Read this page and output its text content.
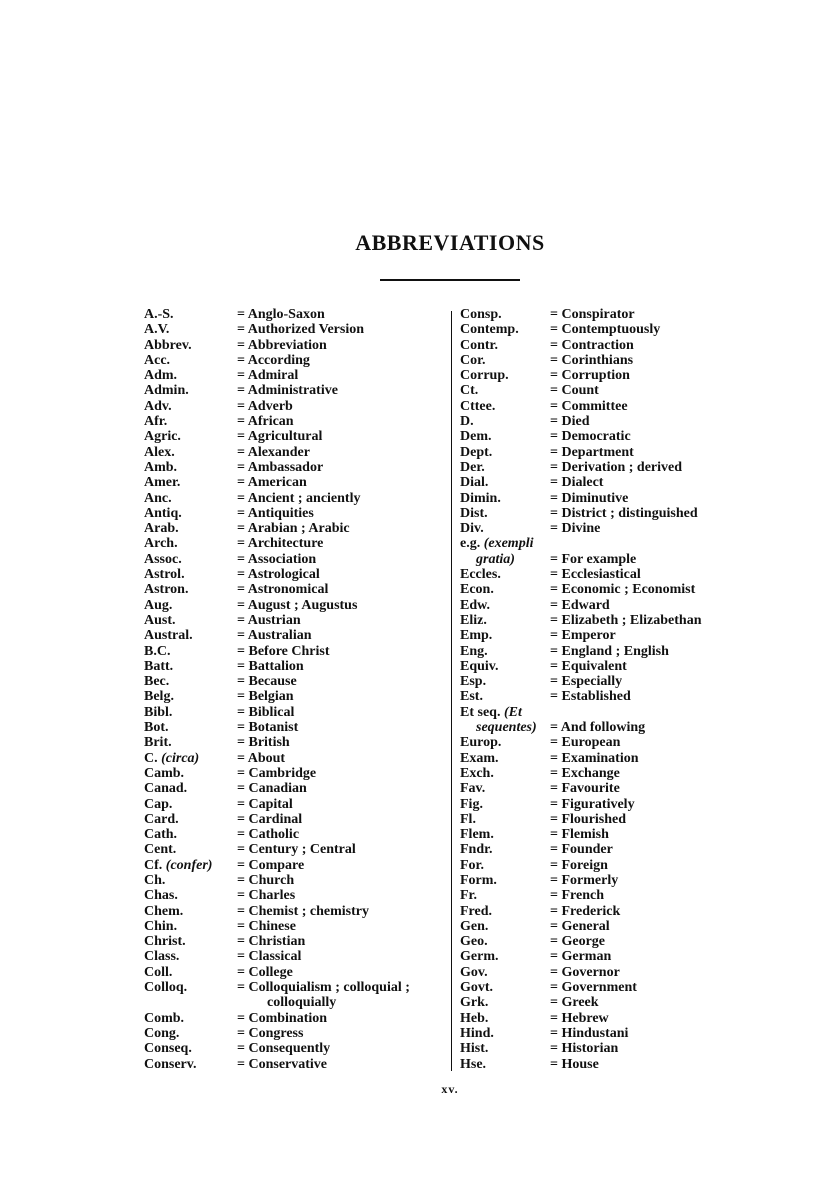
ABBREVIATIONS
A.-S.	= Anglo-Saxon
A.V.	= Authorized Version
Abbrev.	= Abbreviation
Acc.	= According
Adm.	= Admiral
Admin.	= Administrative
Adv.	= Adverb
Afr.	= African
Agric.	= Agricultural
Alex.	= Alexander
Amb.	= Ambassador
Amer.	= American
Anc.	= Ancient ; anciently
Antiq.	= Antiquities
Arab.	= Arabian ; Arabic
Arch.	= Architecture
Assoc.	= Association
Astrol.	= Astrological
Astron.	= Astronomical
Aug.	= August ; Augustus
Aust.	= Austrian
Austral.	= Australian
B.C.	= Before Christ
Batt.	= Battalion
Bec.	= Because
Belg.	= Belgian
Bibl.	= Biblical
Bot.	= Botanist
Brit.	= British
C. (circa)	= About
Camb.	= Cambridge
Canad.	= Canadian
Cap.	= Capital
Card.	= Cardinal
Cath.	= Catholic
Cent.	= Century ; Central
Cf. (confer) = Compare
Ch.	= Church
Chas.	= Charles
Chem.	= Chemist ; chemistry
Chin.	= Chinese
Christ.	= Christian
Class.	= Classical
Coll.	= College
Colloq.	= Colloquialism ; colloquial ;
colloquially
Comb.	= Combination
Cong.	= Congress
Conseq.	= Consequently
Conserv.	= Conservative
Consp.	= Conspirator
Contemp. = Contemptuously
Contr.	= Contraction
Cor.	= Corinthians
Corrup.	= Corruption
Ct.	= Count
Cttee.	= Committee
D.	= Died
Dem.	= Democratic
Dept.	= Department
Der.	= Derivation ; derived
Dial.	= Dialect
Dimin.	= Diminutive
Dist.	= District ; distinguished
Div.	= Divine
e.g. (exempli
gratia)	= For example
Eccles.	= Ecclesiastical
Econ.	= Economic ; Economist
Edw.	= Edward
Eliz.	= Elizabeth ; Elizabethan
Emp.	= Emperor
Eng.	= England ; English
Equiv.	= Equivalent
Esp.	= Especially
Est.	= Established
Et seq. (Et
sequentes) = And following
Europ.	= European
Exam.	= Examination
Exch.	= Exchange
Fav.	= Favourite
Fig.	= Figuratively
Fl.	= Flourished
Flem.	= Flemish
Fndr.	= Founder
For.	= Foreign
Form.	= Formerly
Fr.	= French
Fred.	= Frederick
Gen.	= General
Geo.	= George
Germ.	= German
Gov.	= Governor
Govt.	= Government
Grk.	= Greek
Heb.	= Hebrew
Hind.	= Hindustani
Hist.	= Historian
Hse.	= House
xv.
